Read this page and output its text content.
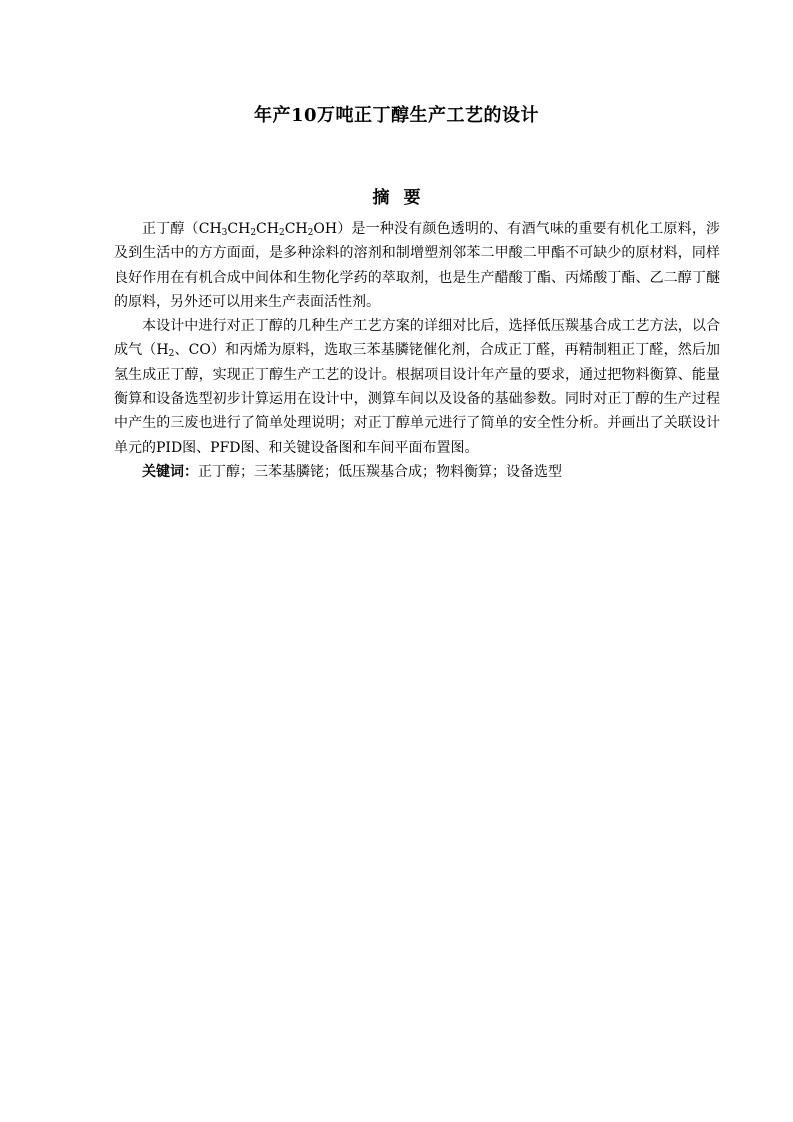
年产10万吨正丁醇生产工艺的设计
摘要

正丁醇$(CH_3CH_2CH_2CH_2OH)$是一种没有颜色透明的、有酒气味的重要有机化工原料，涉及到生活中的方方面面，是多种涂料的溶剂和制增塑剂邻苯二甲酸二甲酯不可缺少的原材料，同样良好作用在有机合成中间体和生物化学药的萃取剂，也是生产醋酸丁酯、丙烯酸丁酯、乙二醇丁醚的原料，另外还可以用来生产表面活性剂。

本设计中进行对正丁醇的几种生产工艺方案的详细对比后，选择低压羰基合成工艺方法，以合成气（$H_2$、CO）和丙烯为原料，选取三苯基膦铑催化剂，合成正丁醛，再精制粗正丁醛，然后加氢生成正丁醇，实现正丁醇生产工艺的设计。根据项目设计年产量的要求，通过把物料衡算、能量衡算和设备选型初步计算运用在设计中，测算车间以及设备的基础参数。同时对正丁醇的生产过程中产生的三废也进行了简单处理说明；对正丁醇单元进行了简单的安全性分析。并画出了关联设计单元的PID图、PFD图、和关键设备图和车间平面布置图。

关键词：正丁醇；三苯基膦铑；低压羰基合成；物料衡算；设备选型
